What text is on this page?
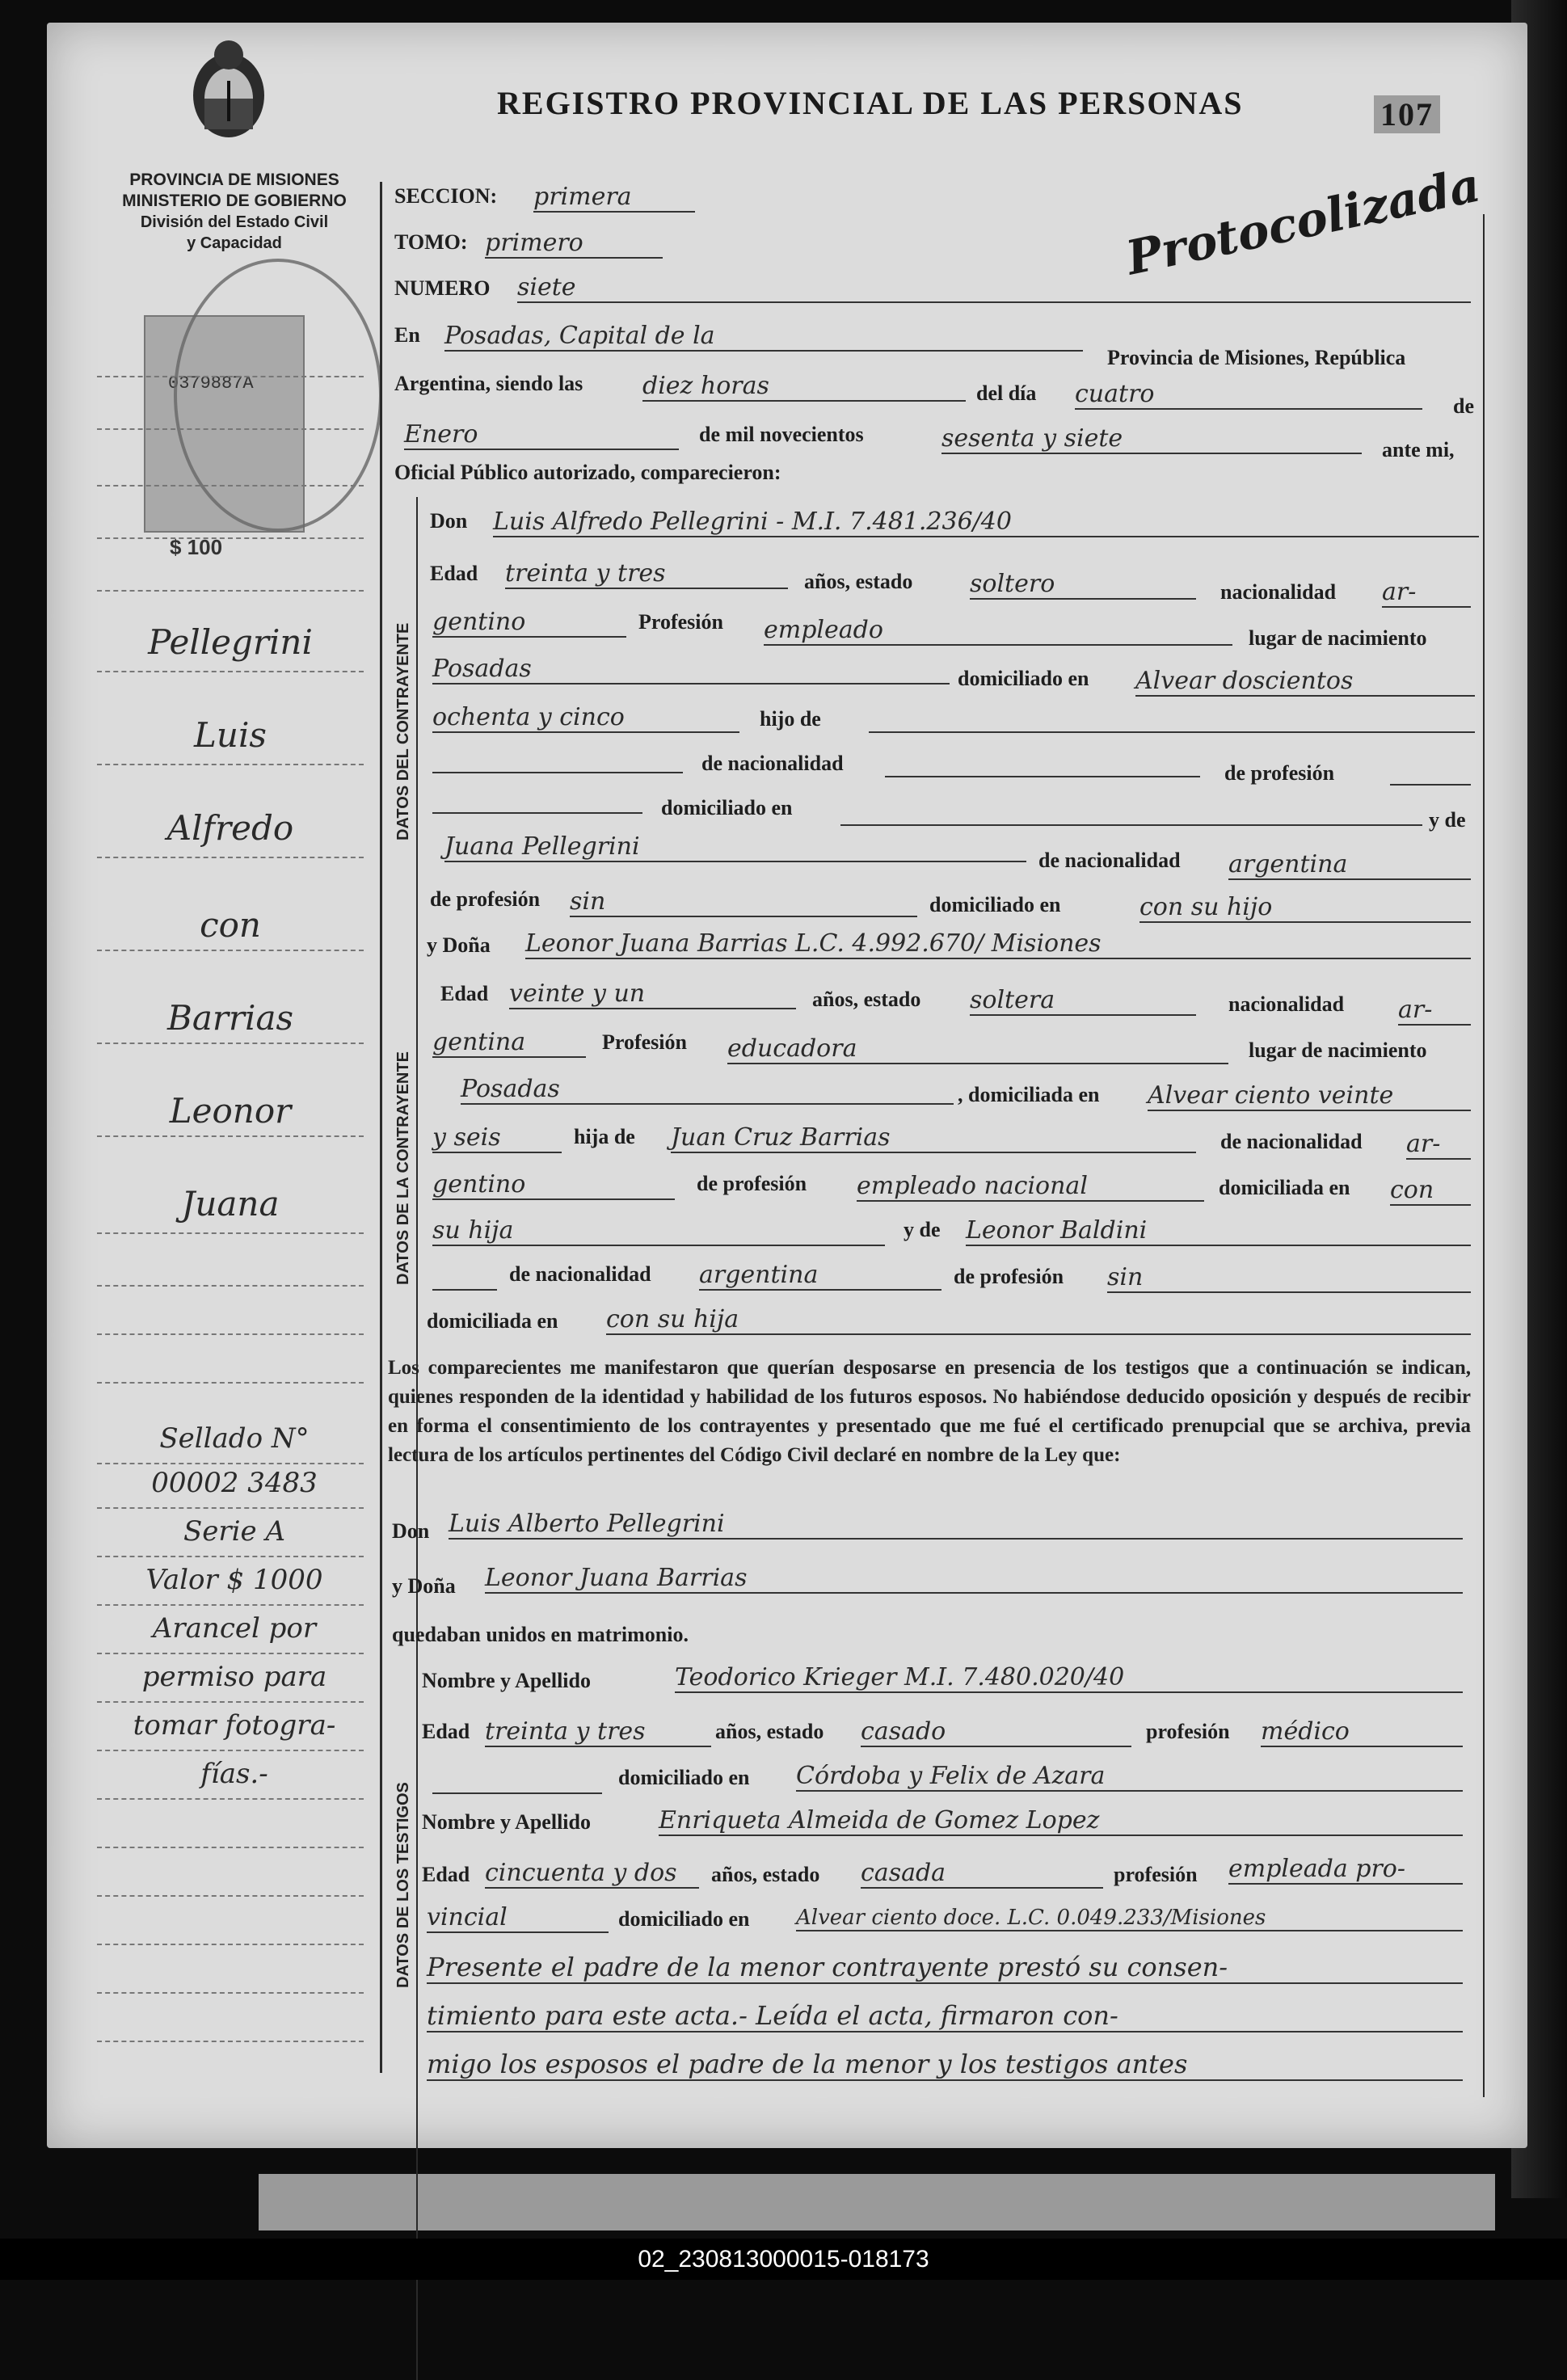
REGISTRO PROVINCIAL DE LAS PERSONAS	107
PROVINCIA DE MISIONES
MINISTERIO DE GOBIERNO
División del Estado Civil
y Capacidad
0379887A
$ 100
Protocolizada
Pellegrini
Luis
Alfredo
con
Barrias
Leonor
Juana
Sellado N°
00002 3483
Serie A
Valor $ 1000
Arancel por
permiso para
tomar fotogra-
fías.-
SECCION: primera
TOMO: primero
NUMERO siete
En Posadas, Capital de la
Provincia de Misiones, República
Argentina, siendo las diez horas	del día cuatro	de
Enero	de mil novecientos	sesenta y siete	ante mi,
Oficial Público autorizado, comparecieron:
DATOS DEL CONTRAYENTE
Don Luis Alfredo Pellegrini - M.I. 7.481.236/40
Edad treinta y tres	años, estado soltero	nacionalidad ar-
gentino	Profesión empleado	lugar de nacimiento
Posadas	domiciliado en Alvear doscientos
ochenta y cinco	hijo de
de nacionalidad	de profesión
domiciliado en
y de
Juana Pellegrini	de nacionalidad argentina
de profesión sin	domiciliado en	con su hijo
DATOS DE LA CONTRAYENTE
y Doña Leonor Juana Barrias L.C. 4.992.670/ Misiones
Edad veinte y un	años, estado soltera	nacionalidad ar-
gentina	Profesión educadora	lugar de nacimiento
Posadas	, domiciliada en Alvear ciento veinte
y seis	hija de Juan Cruz Barrias	de nacionalidad ar-
gentino	de profesión empleado nacional	domiciliada en con
su hija	y de Leonor Baldini
de nacionalidad argentina	de profesión sin
domiciliada en con su hija
Los comparecientes me manifestaron que querían desposarse en presencia de los testigos que a continuación se indican, quienes responden de la identidad y habilidad de los futuros esposos. No habiéndose deducido oposición y después de recibir en forma el consentimiento de los contrayentes y presentado que me fué el certificado prenupcial que se archiva, previa lectura de los artículos pertinentes del Código Civil declaré en nombre de la Ley que:
Don Luis Alberto Pellegrini
y Doña Leonor Juana Barrias
quedaban unidos en matrimonio.
DATOS DE LOS TESTIGOS
Nombre y Apellido	Teodorico Krieger M.I. 7.480.020/40
Edad treinta y tres	años, estado casado	profesión médico
domiciliado en Córdoba y Felix de Azara
Nombre y Apellido	Enriqueta Almeida de Gomez Lopez
Edad cincuenta y dos	años, estado casada	profesión empleada pro-
vincial	domiciliado en Alvear ciento doce. L.C. 0.049.233/Misiones
Presente el padre de la menor contrayente prestó su consen-
timiento para este acta.- Leída el acta, firmaron con-
migo los esposos el padre de la menor y los testigos antes
02_230813000015-018173
